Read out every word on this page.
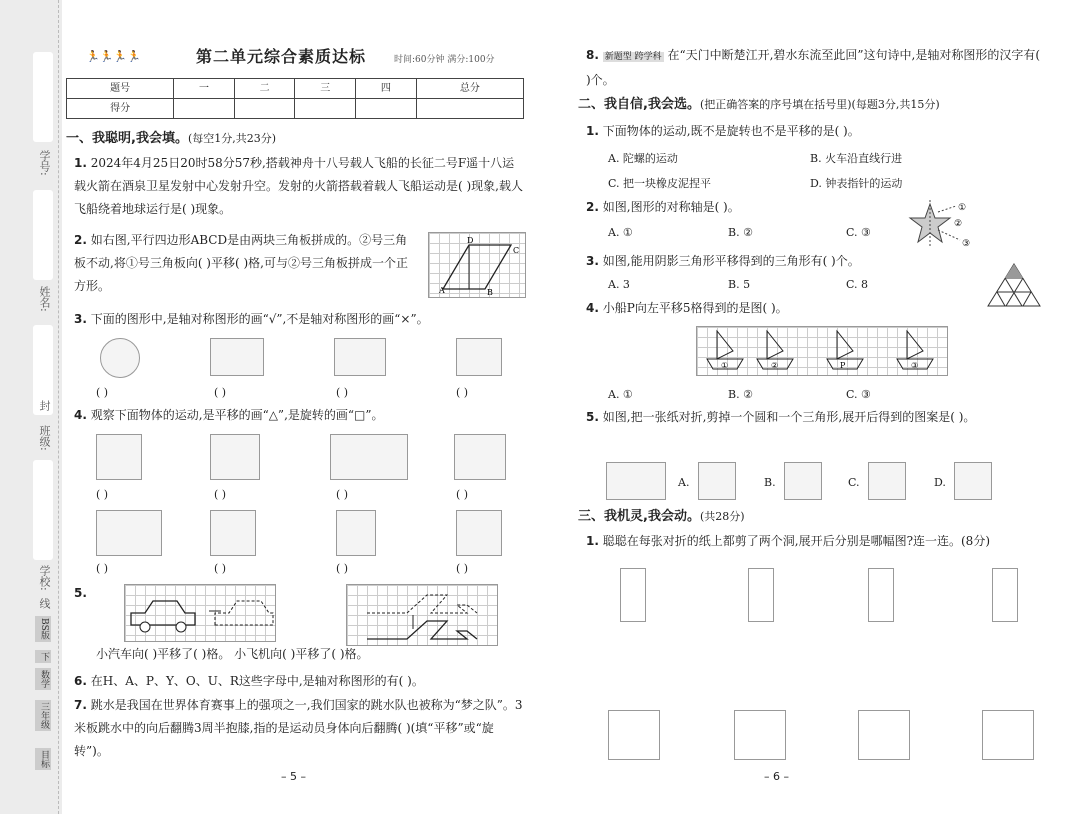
学号:
姓名:
封
班级:
学校:
线
BS版
下
数学
三年级
目标
🏃🏃🏃🏃	第二单元综合素质达标	时间:60分钟 满分:100分
题号	一	二	三	四	总分
得分					
一、我聪明,我会填。(每空1分,共23分)
1. 2024年4月25日20时58分57秒,搭载神舟十八号载人飞船的长征二号F遥十八运载火箭在酒泉卫星发射中心发射升空。发射的火箭搭载着载人飞船运动是( )现象,载人飞船绕着地球运行是( )现象。
2. 如右图,平行四边形ABCD是由两块三角板拼成的。②号三角板不动,将①号三角板向( )平移( )格,可与②号三角板拼成一个正方形。	A	B
C
D
3. 下面的图形中,是轴对称图形的画“√”,不是轴对称图形的画“×”。
( )	( )	( )	( )
4. 观察下面物体的运动,是平移的画“△”,是旋转的画“□”。
( )	( )	( )	( )
( )	( )	( )	( )
5.
小汽车向( )平移了( )格。 小飞机向( )平移了( )格。
6. 在H、A、P、Y、O、U、R这些字母中,是轴对称图形的有( )。
7. 跳水是我国在世界体育赛事上的强项之一,我们国家的跳水队也被称为“梦之队”。3米板跳水中的向后翻腾3周半抱膝,指的是运动员身体向后翻腾( )(填“平移”或“旋转”)。
– 5 –
8. 新题型 跨学科 在“天门中断楚江开,碧水东流至此回”这句诗中,是轴对称图形的汉字有( )个。
二、我自信,我会选。(把正确答案的序号填在括号里)(每题3分,共15分)
1. 下面物体的运动,既不是旋转也不是平移的是( )。
A. 陀螺的运动	B. 火车沿直线行进
C. 把一块橡皮泥捏平	D. 钟表指针的运动
2. 如图,图形的对称轴是( )。
A. ①	B. ②	C. ③
①
②
③
3. 如图,能用阴影三角形平移得到的三角形有( )个。
A. 3	B. 5	C. 8
4. 小船P向左平移5格得到的是图( )。
①	②	P	③
A. ①	B. ②	C. ③
5. 如图,把一张纸对折,剪掉一个圆和一个三角形,展开后得到的图案是( )。
A.	B.	C.	D.
三、我机灵,我会动。(共28分)
1. 聪聪在每张对折的纸上都剪了两个洞,展开后分别是哪幅图?连一连。(8分)
– 6 –
